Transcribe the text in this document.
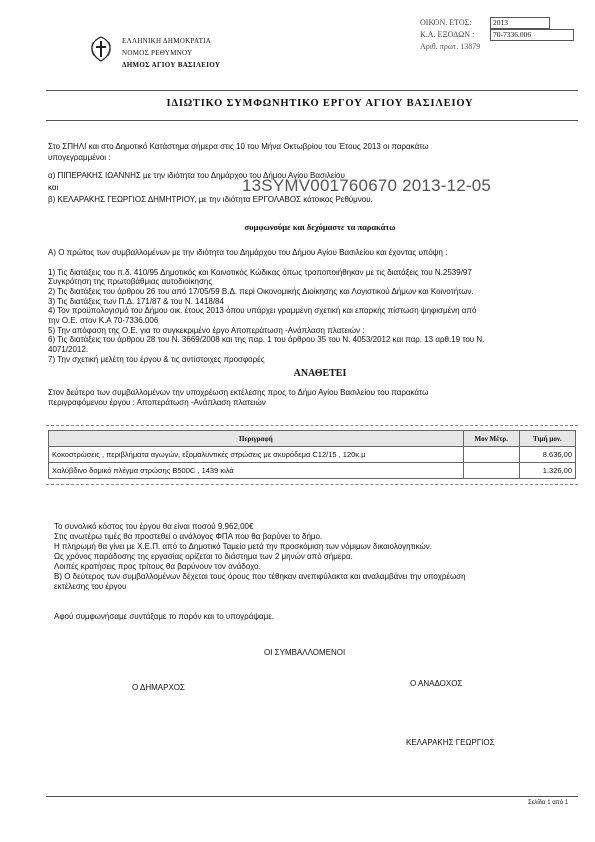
ΕΛΛΗΝΙΚΗ ΔΗΜΟΚΡΑΤΙΑ
ΝΟΜΟΣ ΡΕΘΥΜΝΟΥ
ΔΗΜΟΣ ΑΓΙΟΥ ΒΑΣΙΛΕΙΟΥ
ΟΙΚΟΝ. ΕΤΟΣ:	2013
Κ.Α. ΕΞΟΔΩΝ :	70-7336.006
Αριθ. πρωτ. 13879
ΙΔΙΩΤΙΚΟ ΣΥΜΦΩΝΗΤΙΚΟ ΕΡΓΟΥ ΑΓΙΟΥ ΒΑΣΙΛΕΙΟΥ
Στο ΣΠΗΛΙ και στο Δημοτικό Κατάστημα σήμερα στις 10 του Μήνα Οκτωβρίου του Έτους 2013 οι παρακάτω
υπογεγραμμένοι :
α) ΠΙΠΕΡΑΚΗΣ ΙΩΑΝΝΗΣ με την ιδιότητα του Δημάρχου του Δήμου Αγίου Βασιλείου
και	13SYMV001760670 2013-12-05
β) ΚΕΛΑΡΑΚΗΣ ΓΕΩΡΓΙΟΣ ΔΗΜΗΤΡΙΟΥ, με την ιδιότητα ΕΡΓΟΛΑΒΟΣ κάτοικος Ρεθύμνου.
συμφωνούμε και δεχόμαστε τα παρακάτω
Α) Ο πρώτος των συμβαλλομένων με την ιδιότητα του Δημάρχου του Δήμου Αγίου Βασιλείου και έχοντας υπόψη :
1) Τις διατάξεις του π.δ. 410/95 Δημοτικός και Κοινοτικός Κώδικας όπως τροποποιήθηκαν με τις διατάξεις του Ν.2539/97
Συγκρότηση της πρωτοβάθμιας αυτοδιοίκησης
2) Τις διατάξεις του άρθρου 26 του από 17/05/59 Β.Δ. περί Οικονομικής Διοίκησης και Λογιστικού Δήμων και Κοινοτήτων.
3) Τις διατάξεις των Π.Δ. 171/87 & του Ν. 1418/84
4) Τον προϋπολογισμό του Δήμου οικ. έτους 2013 όπου υπάρχει γραμμένη σχετική και επαρκής πίστωση ψηφισμένη από
την Ο.Ε. στον Κ.Α 70-7336.006
5) Την απόφαση της Ο.Ε. για το συγκεκριμένο έργο Αποπεράτωση -Ανάπλαση πλατειών :
6) Τις διατάξεις του άρθρου 28 του Ν. 3669/2008 και της παρ. 1 του άρθρου 35 του Ν. 4053/2012 και παρ. 13 αρθ.19 του Ν.
4071/2012.
7) Την σχετική μελέτη του έργου & τις αντίστοιχες προσφορές
ΑΝΑΘΕΤΕΙ
Στον δεύτερο των συμβαλλομένων την υποχρέωση εκτέλεσης προς το Δήμο Αγίου Βασιλείου του παρακάτω
περιγραφόμενου έργου : Αποπεράτωση -Ανάπλαση πλατειών
Περιγραφή	Μον Μέτρ.	Τιμή μον.
Κοκοστρώσεις , περιβλήματα αγωγών, εξομαλυντικές στρώσεις με σκυρόδεμα C12/15 , 120κ.μ		8.636,00
Χαλύβδινο δομικό πλέγμα στρώσης B500C , 1439 κιλά		1.326,00
Το συνολικό κόστος του έργου θα είναι ποσού 9.962,00€
Στις ανωτέρω τιμές θα προστεθεί ο ανάλογος ΦΠΑ που θα βαρύνει το δήμο.
Η πληρωμή θα γίνει με Χ.Ε.Π. από το Δημοτικό Ταμείο μετά την προσκόμιση των νόμιμων δικαιολογητικών.
Ως χρόνος παράδοσης της εργασίας ορίζεται το διάστημα των 2 μηνών από σήμερα.
Λοιπές κρατήσεις προς τρίτους θα βαρύνουν τον ανάδοχο.
Β) Ο δεύτερος των συμβαλλομένων δέχεται τους όρους που τέθηκαν ανεπιφύλακτα και αναλαμβάνει την υποχρέωση
εκτέλεσης του έργου
Αφού συμφωνήσαμε συντάξαμε το παρόν και το υπογράψαμε.
ΟΙ ΣΥΜΒΑΛΛΟΜΕΝΟΙ
Ο ΔΗΜΑΡΧΟΣ	Ο ΑΝΑΔΟΧΟΣ
ΚΕΛΑΡΑΚΗΣ ΓΕΩΡΓΙΟΣ
Σελίδα 1 από 1
